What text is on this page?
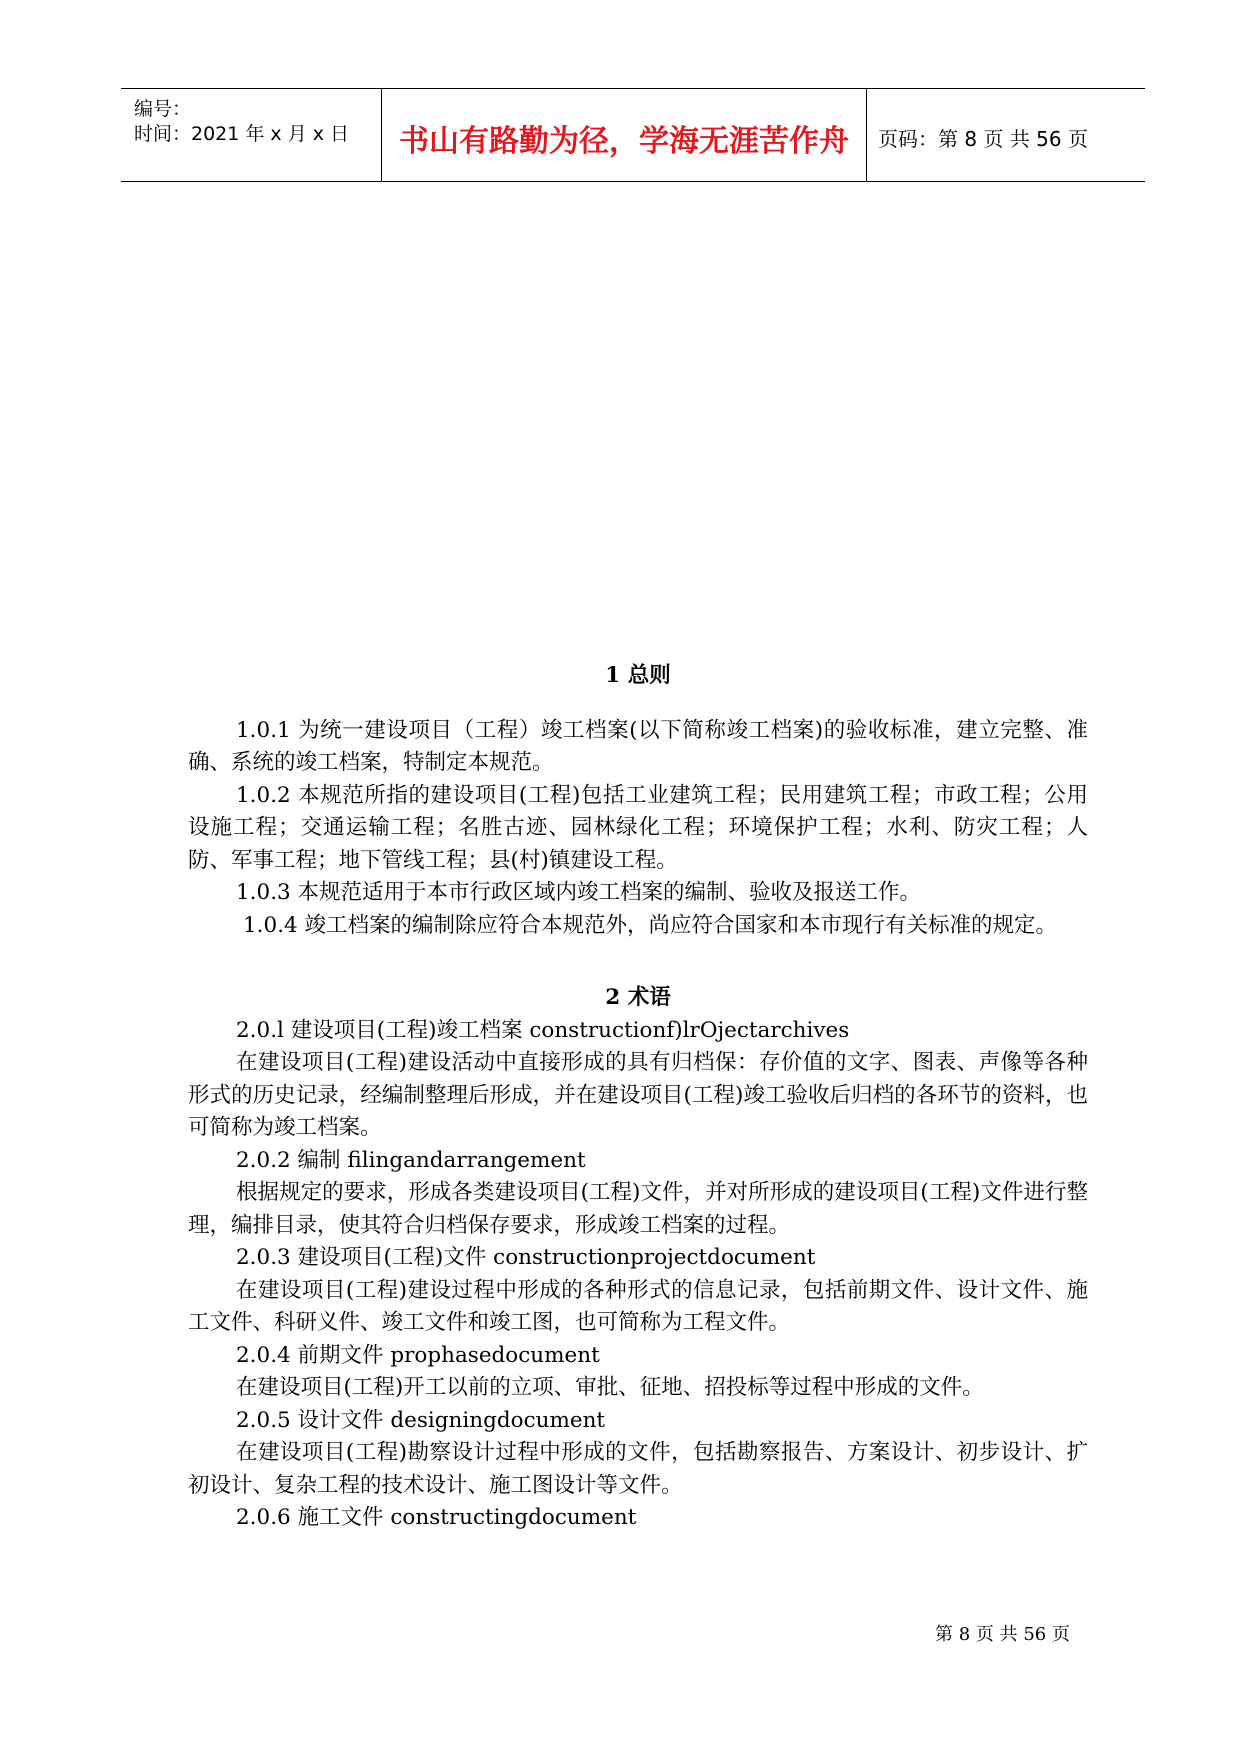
编号：
时间：2021 年 x 月 x 日	书山有路勤为径，学海无涯苦作舟	页码：第 8 页 共 56 页
1 总则

1.0.1 为统一建设项目（工程）竣工档案(以下简称竣工档案)的验收标准，建立完整、准确、系统的竣工档案，特制定本规范。

1.0.2 本规范所指的建设项目(工程)包括工业建筑工程；民用建筑工程；市政工程；公用设施工程；交通运输工程；名胜古迹、园林绿化工程；环境保护工程；水利、防灾工程；人防、军事工程；地下管线工程；县(村)镇建设工程。

1.0.3 本规范适用于本市行政区域内竣工档案的编制、验收及报送工作。

1.0.4 竣工档案的编制除应符合本规范外，尚应符合国家和本市现行有关标准的规定。

2 术语

2.0.l 建设项目(工程)竣工档案 constructionf)lrOjectarchives

在建设项目(工程)建设活动中直接形成的具有归档保：存价值的文字、图表、声像等各种形式的历史记录，经编制整理后形成，并在建设项目(工程)竣工验收后归档的各环节的资料，也可简称为竣工档案。

2.0.2 编制 filingandarrangement

根据规定的要求，形成各类建设项目(工程)文件，并对所形成的建设项目(工程)文件进行整理，编排目录，使其符合归档保存要求，形成竣工档案的过程。

2.0.3 建设项目(工程)文件 constructionprojectdocument

在建设项目(工程)建设过程中形成的各种形式的信息记录，包括前期文件、设计文件、施工文件、科研义件、竣工文件和竣工图，也可简称为工程文件。

2.0.4 前期文件 prophasedocument

在建设项目(工程)开工以前的立项、审批、征地、招投标等过程中形成的文件。

2.0.5 设计文件 designingdocument

在建设项目(工程)勘察设计过程中形成的文件，包括勘察报告、方案设计、初步设计、扩初设计、复杂工程的技术设计、施工图设计等文件。

2.0.6 施工文件 constructingdocument

第 8 页 共 56 页
